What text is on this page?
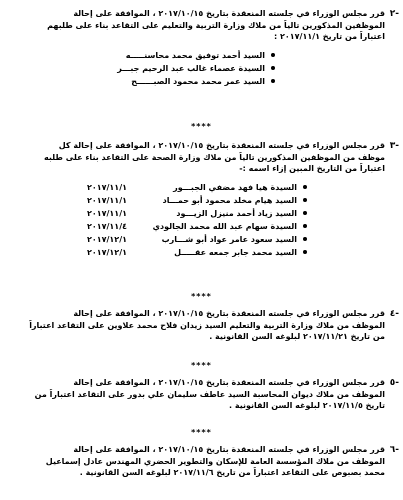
-٢
قرر مجلس الوزراء في جلسته المنعقدة بتاريخ ٢٠١٧/١٠/١٥ ، الموافقة على إحالة
الموظفين المذكورين تالياً من ملاك وزارة التربية والتعليم على التقاعد بناء على طلبهم
اعتباراً من تاريخ ٢٠١٧/١١/١ :
السيد أحمد توفيق محمد محاسنـــــه
السيدة عصماء غالب عبد الرحيم جبـــر
السيد عمر محمد محمود الصبــــــح
****
-٣
قرر مجلس الوزراء في جلسته المنعقدة بتاريخ ٢٠١٧/١٠/١٥ ، الموافقة على إحالة كل
موظف من الموظفين المذكورين تالياً من ملاك وزارة الصحة على التقاعد بناء على طلبه
اعتباراً من التاريخ المبين إزاء اسمه :-
السيدة هيا فهد مضفي الجبـــور
٢٠١٧/١١/١
السيد هيام مخلد محمود أبو حمـــاد
٢٠١٧/١١/١
السيد زياد أحمد منيزل الزيـــود
٢٠١٧/١١/١
السيدة سهام عبد الله محمد الجالودي
٢٠١٧/١١/٤
السيد سعود عامر عواد أبو شـــارب
٢٠١٧/١٢/١
السيد محمد جابر جمعه عقـــــل
٢٠١٧/١٢/١
****
-٤
قرر مجلس الوزراء في جلسته المنعقدة بتاريخ ٢٠١٧/١٠/١٥ ، الموافقة على إحالة
الموظف من ملاك وزارة التربية والتعليم السيد زيدان فلاح محمد علاوين على التقاعد اعتباراً
من تاريخ ٢٠١٧/١١/٢١ لبلوغه السن القانونية .
****
-٥
قرر مجلس الوزراء في جلسته المنعقدة بتاريخ ٢٠١٧/١٠/١٥ ، الموافقة على إحالة
الموظف من ملاك ديوان المحاسبة السيد عاطف سليمان علي بدور على التقاعد اعتباراً من
تاريخ ٢٠١٧/١١/٥ لبلوغه السن القانونية .
****
-٦
قرر مجلس الوزراء في جلسته المنعقدة بتاريخ ٢٠١٧/١٠/١٥ ، الموافقة على إحالة
الموظف من ملاك المؤسسة العامة للإسكان والتطوير الحضري المهندس عادل إسماعيل
محمد بصبوص على التقاعد اعتباراً من تاريخ ٢٠١٧/١١/٦ لبلوغه السن القانونية .
